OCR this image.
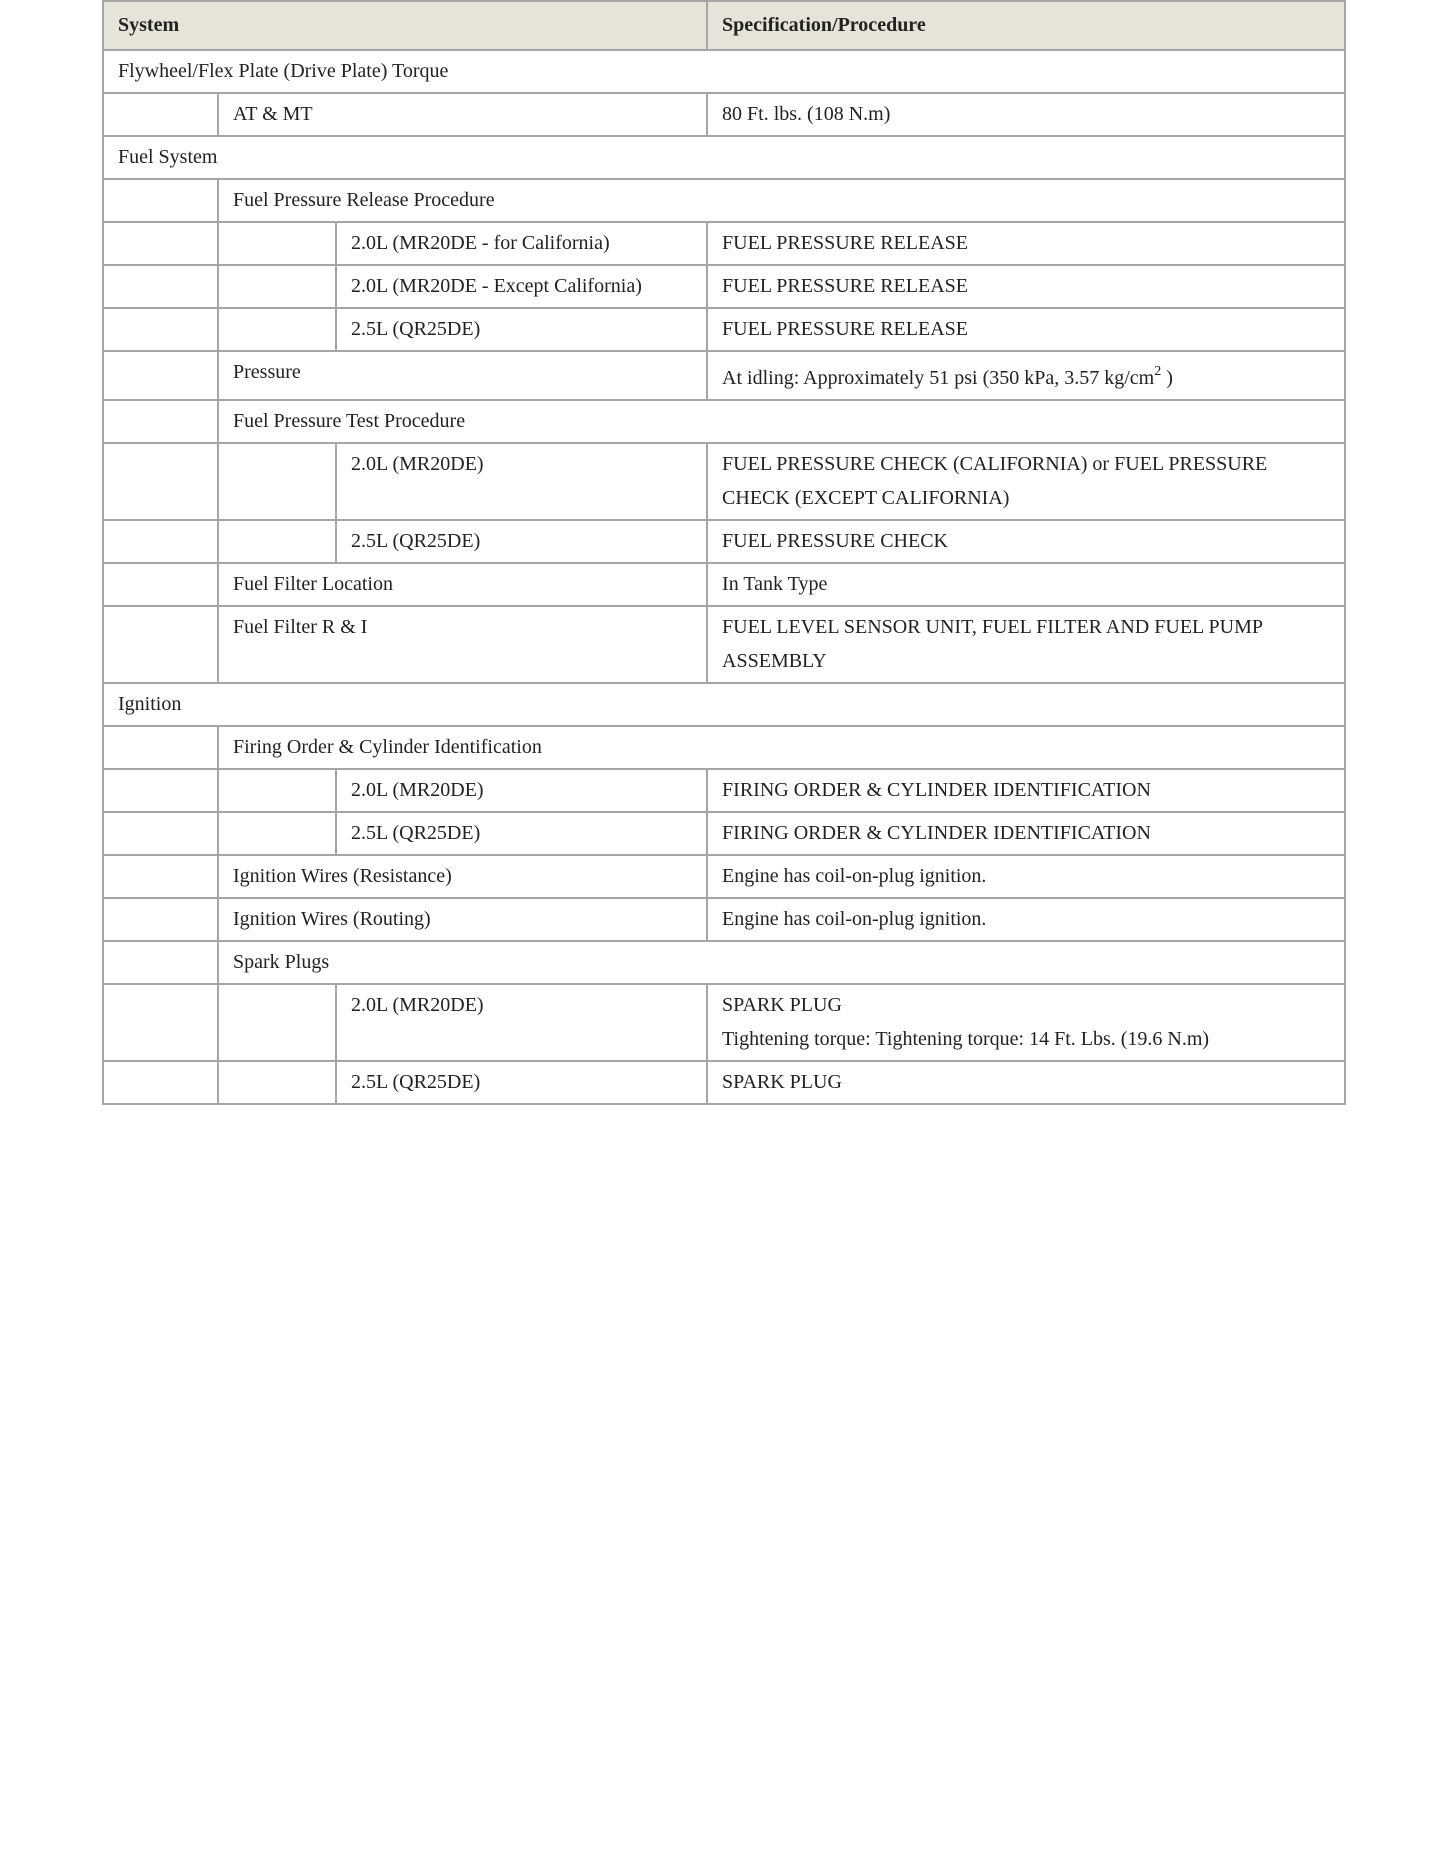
System			Specification/Procedure
Flywheel/Flex Plate (Drive Plate) Torque			
	AT & MT		80 Ft. lbs. (108 N.m)
Fuel System			
	Fuel Pressure Release Procedure		
		2.0L (MR20DE - for California)	FUEL PRESSURE RELEASE
		2.0L (MR20DE - Except California)	FUEL PRESSURE RELEASE
		2.5L (QR25DE)	FUEL PRESSURE RELEASE
	Pressure		At idling: Approximately 51 psi (350 kPa, 3.57 $kg/cm^2$ )
	Fuel Pressure Test Procedure		
		2.0L (MR20DE)	FUEL PRESSURE CHECK (CALIFORNIA) or FUEL PRESSURE CHECK (EXCEPT CALIFORNIA)
		2.5L (QR25DE)	FUEL PRESSURE CHECK
	Fuel Filter Location		In Tank Type
	Fuel Filter R & I		FUEL LEVEL SENSOR UNIT, FUEL FILTER AND FUEL PUMP ASSEMBLY
Ignition			
	Firing Order & Cylinder Identification		
		2.0L (MR20DE)	FIRING ORDER & CYLINDER IDENTIFICATION
		2.5L (QR25DE)	FIRING ORDER & CYLINDER IDENTIFICATION
	Ignition Wires (Resistance)		Engine has coil-on-plug ignition.
	Ignition Wires (Routing)		Engine has coil-on-plug ignition.
	Spark Plugs		
		2.0L (MR20DE)	SPARK PLUG
Tightening torque: Tightening torque: 14 Ft. Lbs. (19.6 N.m)

		2.5L (QR25DE)	SPARK PLUG
